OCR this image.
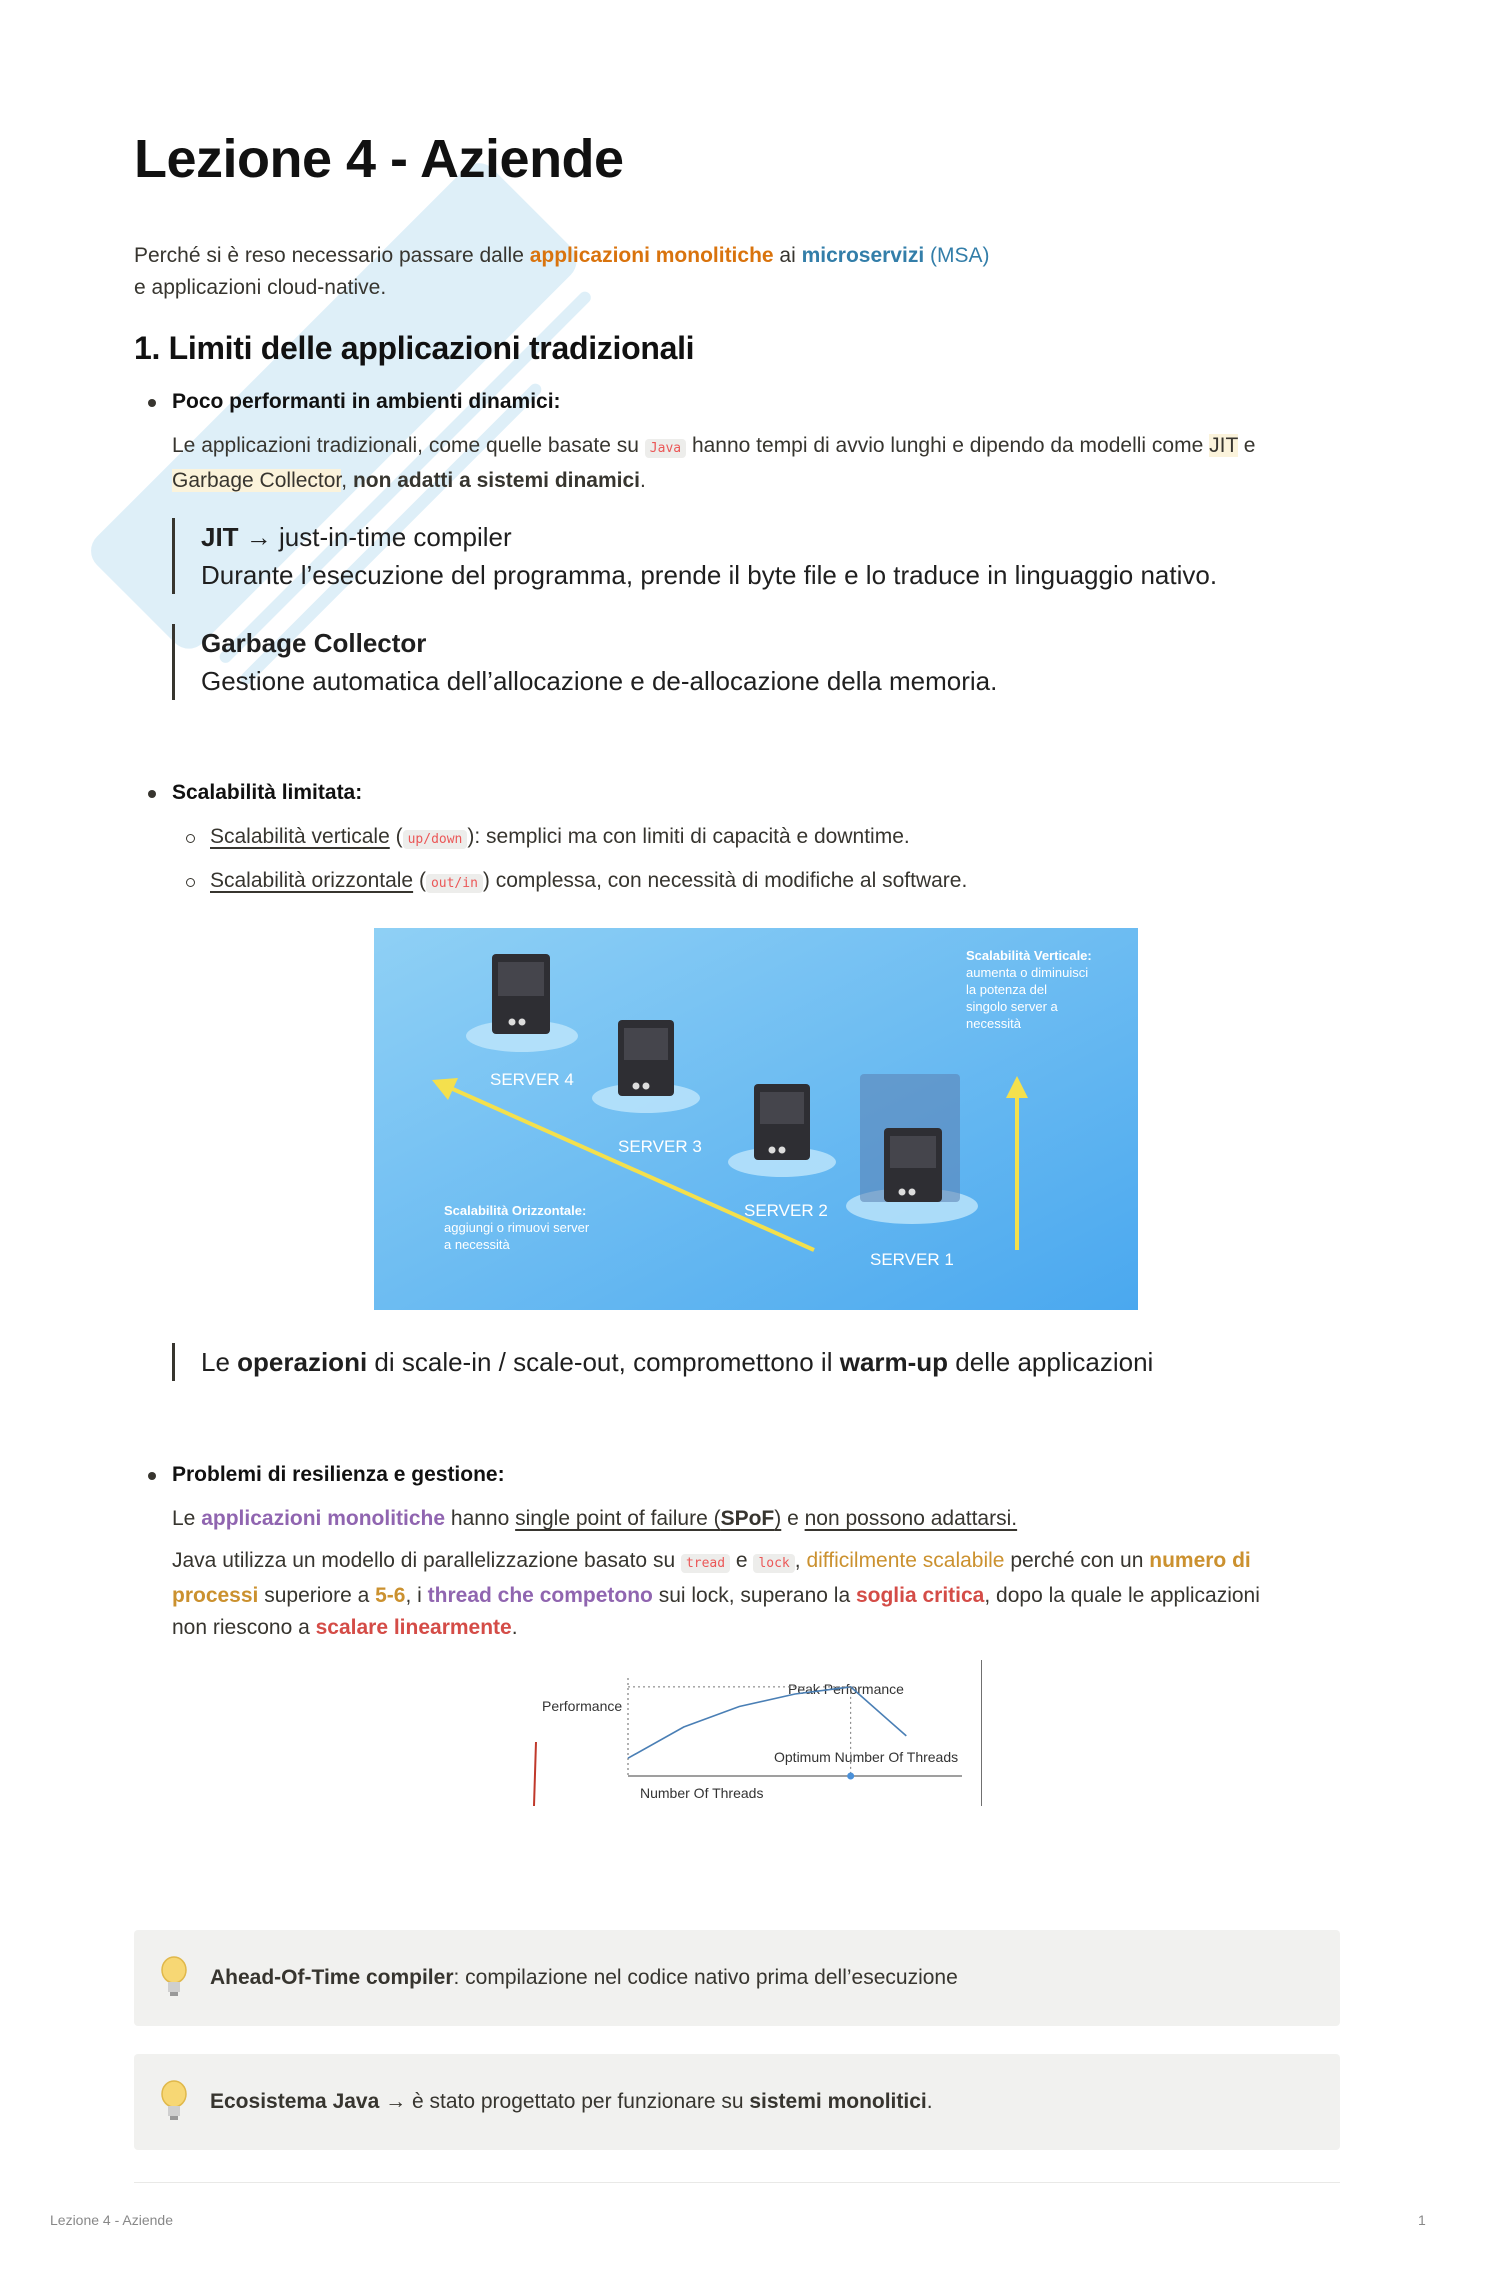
Lezione 4 - Aziende
Perché si è reso necessario passare dalle applicazioni monolitiche ai microservizi (MSA)
e applicazioni cloud-native.
1. Limiti delle applicazioni tradizionali
Poco performanti in ambienti dinamici:
Le applicazioni tradizionali, come quelle basate su Java hanno tempi di avvio lunghi e dipendo da modelli come JIT e
Garbage Collector, non adatti a sistemi dinamici.
JIT → just-in-time compiler
Durante l’esecuzione del programma, prende il byte file e lo traduce in linguaggio nativo.
Garbage Collector
Gestione automatica dell’allocazione e de-allocazione della memoria.
Scalabilità limitata:
Scalabilità verticale ( up/down ): semplici ma con limiti di capacità e downtime.
Scalabilità orizzontale ( out/in ) complessa, con necessità di modifiche al software.
SERVER 4
SERVER 3
SERVER 2
SERVER 1
Scalabilità Verticale:
aumenta o diminuisci
la potenza del
singolo server a
necessità
Scalabilità Orizzontale:
aggiungi o rimuovi server
a necessità
Le operazioni di scale-in / scale-out, compromettono il warm-up delle applicazioni
Problemi di resilienza e gestione:
Le applicazioni monolitiche hanno single point of failure (SPoF) e non possono adattarsi.
Java utilizza un modello di parallelizzazione basato su tread e lock , difficilmente scalabile perché con un numero di
processi superiore a 5-6, i thread che competono sui lock, superano la soglia critica, dopo la quale le applicazioni
non riescono a scalare linearmente.
Performance
Number Of Threads
Peak Performance
Optimum Number Of Threads
Ahead-Of-Time compiler: compilazione nel codice nativo prima dell’esecuzione
Ecosistema Java → è stato progettato per funzionare su sistemi monolitici.
Lezione 4 - Aziende	1
